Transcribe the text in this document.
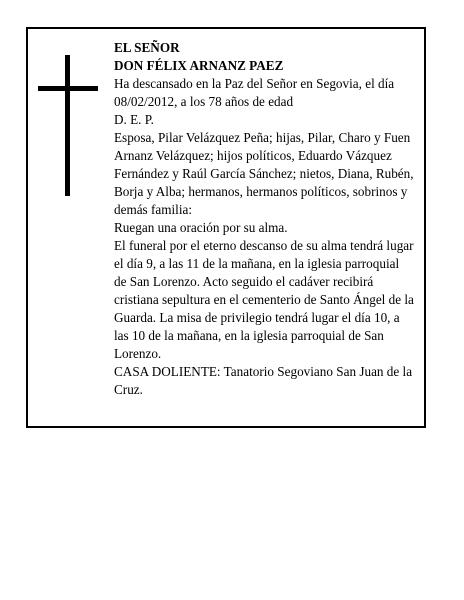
EL SEÑOR

DON FÉLIX ARNANZ PAEZ

Ha descansado en la Paz del Señor en Segovia, el día 08/02/2012, a los 78 años de edad

D. E. P.

Esposa, Pilar Velázquez Peña; hijas, Pilar, Charo y Fuen Arnanz Velázquez; hijos políticos, Eduardo Vázquez Fernández y Raúl García Sánchez; nietos, Diana, Rubén, Borja y Alba; hermanos, hermanos políticos, sobrinos y demás familia:

Ruegan una oración por su alma.

El funeral por el eterno descanso de su alma tendrá lugar el día 9, a las 11 de la mañana, en la iglesia parroquial de San Lorenzo. Acto seguido el cadáver recibirá cristiana sepultura en el cementerio de Santo Ángel de la Guarda. La misa de privilegio tendrá lugar el día 10, a las 10 de la mañana, en la iglesia parroquial de San Lorenzo.

CASA DOLIENTE: Tanatorio Segoviano San Juan de la Cruz.
